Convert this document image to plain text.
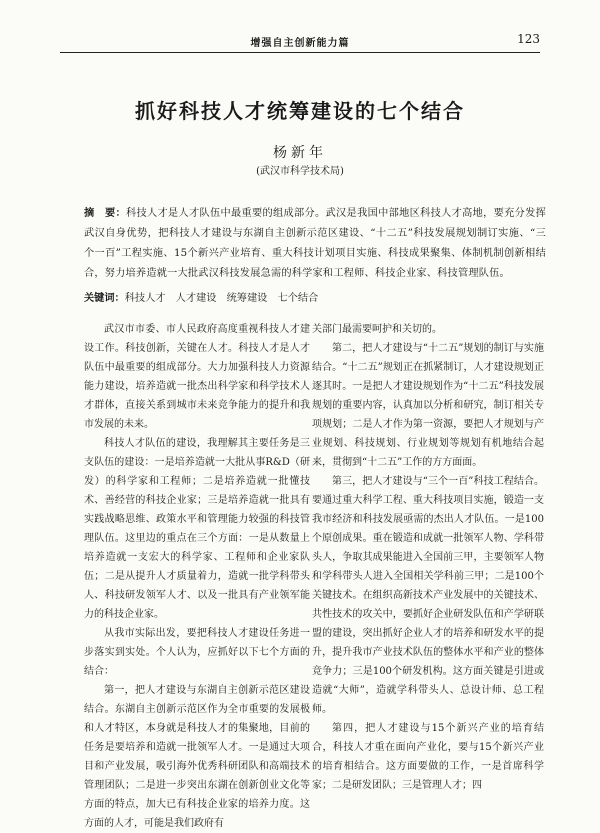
增强自主创新能力篇	123
抓好科技人才统筹建设的七个结合
杨新年
(武汉市科学技术局)

摘　要：科技人才是人才队伍中最重要的组成部分。武汉是我国中部地区科技人才高地，要充分发挥武汉自身优势，把科技人才建设与东湖自主创新示范区建设、“十二五”科技发展规划制订实施、“三个一百”工程实施、15个新兴产业培育、重大科技计划项目实施、科技成果聚集、体制机制创新相结合，努力培养造就一大批武汉科技发展急需的科学家和工程师、科技企业家、科技管理队伍。

关键词：科技人才　人才建设　统筹建设　七个结合

武汉市市委、市人民政府高度重视科技人才建设工作。科技创新，关键在人才。科技人才是人才队伍中最重要的组成部分。大力加强科技人力资源能力建设，培养造就一批杰出科学家和科学技术人才群体，直接关系到城市未来竞争能力的提升和我市发展的未来。

科技人才队伍的建设，我理解其主要任务是三支队伍的建设：一是培养造就一大批从事R&D（研发）的科学家和工程师；二是培养造就一批懂技术、善经营的科技企业家；三是培养造就一批具有实践战略思维、政策水平和管理能力较强的科技管理队伍。这里边的重点在三个方面：一是从数量上培养造就一支宏大的科学家、工程师和企业家队伍；二是从提升人才质量着力，造就一批学科带头人、科技研发领军人才、以及一批具有产业领军能力的科技企业家。

从我市实际出发，要把科技人才建设任务进一步落实到实处。个人认为，应抓好以下七个方面的结合：

第一，把人才建设与东湖自主创新示范区建设结合。东湖自主创新示范区作为全市重要的发展极和人才特区，本身就是科技人才的集聚地，目前的任务是要培养和造就一批领军人才。一是通过大项目和产业发展，吸引海外优秀科研团队和高端技术管理团队；二是进一步突出东湖在创新创业文化等方面的特点，加大已有科技企业家的培养力度。这方面的人才，可能是我们政府有

关部门最需要呵护和关切的。

第二，把人才建设与“十二五”规划的制订与实施结合。“十二五”规划正在抓紧制订，人才建设规划正逐其时。一是把人才建设规划作为“十二五”科技发展规划的重要内容，认真加以分析和研究，制订相关专项规划；二是人才作为第一资源，要把人才规划与产业规划、科技规划、行业规划等规划有机地结合起来，贯彻到“十二五”工作的方方面面。

第三，把人才建设与“三个一百”科技工程结合。要通过重大科学工程、重大科技项目实施，锻造一支我市经济和科技发展亟需的杰出人才队伍。一是100个原创成果。重在锻造和成就一批领军人物、学科带头人，争取其成果能进入全国前三甲，主要领军人物和学科带头人进入全国相关学科前三甲；二是100个关键技术。在组织高新技术产业发展中的关键技术、共性技术的攻关中，要抓好企业研发队伍和产学研联盟的建设，突出抓好企业人才的培养和研发水平的提升，提升我市产业技术队伍的整体水平和产业的整体竞争力；三是100个研发机构。这方面关键是引进或造就“大师”，造就学科带头人、总设计师、总工程师。

第四，把人才建设与15个新兴产业的培育结合，科技人才重在面向产业化，要与15个新兴产业的培育相结合。这方面要做的工作，一是首席科学家；二是研发团队；三是管理人才；四
